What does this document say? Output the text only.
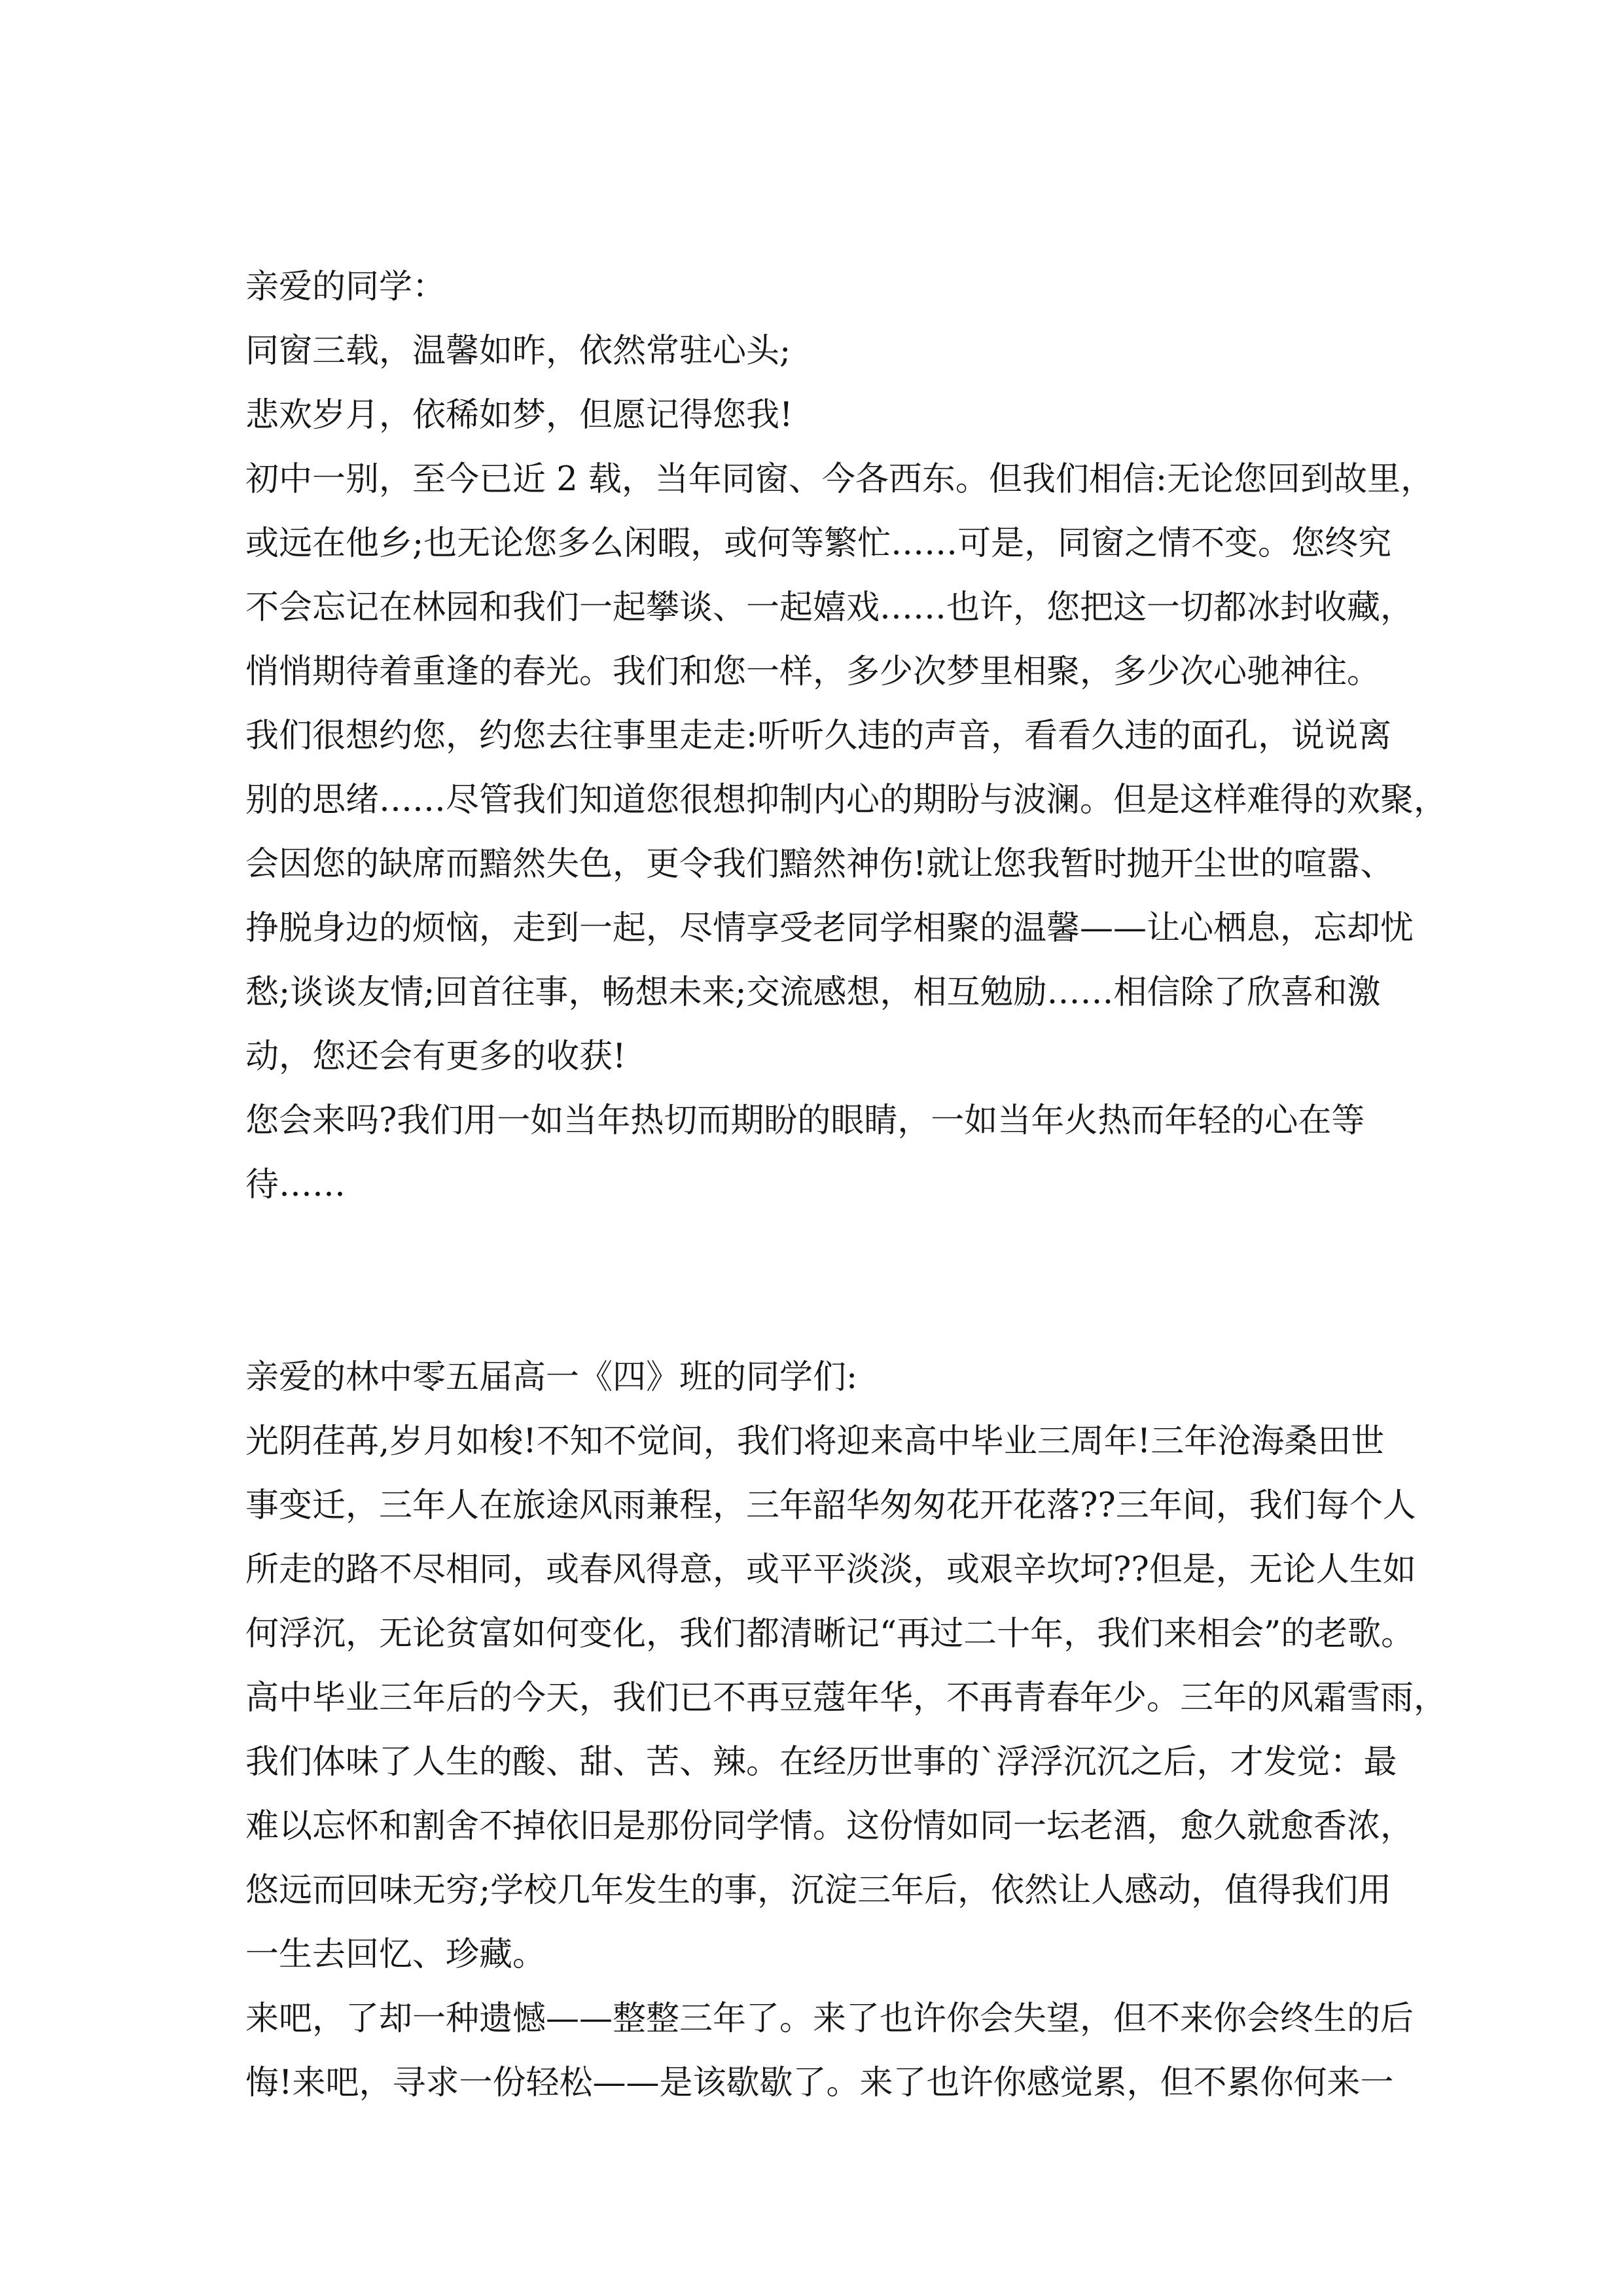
亲爱的同学：
同窗三载，温馨如昨，依然常驻心头;
悲欢岁月，依稀如梦，但愿记得您我!
初中一别，至今已近 2 载，当年同窗、今各西东。但我们相信:无论您回到故里，
或远在他乡;也无论您多么闲暇，或何等繁忙……可是，同窗之情不变。您终究
不会忘记在林园和我们一起攀谈、一起嬉戏……也许，您把这一切都冰封收藏，
悄悄期待着重逢的春光。我们和您一样，多少次梦里相聚，多少次心驰神往。
我们很想约您，约您去往事里走走:听听久违的声音，看看久违的面孔，说说离
别的思绪……尽管我们知道您很想抑制内心的期盼与波澜。但是这样难得的欢聚，
会因您的缺席而黯然失色，更令我们黯然神伤!就让您我暂时抛开尘世的喧嚣、
挣脱身边的烦恼，走到一起，尽情享受老同学相聚的温馨——让心栖息，忘却忧
愁;谈谈友情;回首往事，畅想未来;交流感想，相互勉励……相信除了欣喜和激
动，您还会有更多的收获!
您会来吗?我们用一如当年热切而期盼的眼睛，一如当年火热而年轻的心在等
待……
亲爱的林中零五届高一《四》班的同学们:
光阴荏苒,岁月如梭!不知不觉间，我们将迎来高中毕业三周年!三年沧海桑田世
事变迁，三年人在旅途风雨兼程，三年韶华匆匆花开花落??三年间，我们每个人
所走的路不尽相同，或春风得意，或平平淡淡，或艰辛坎坷??但是，无论人生如
何浮沉，无论贫富如何变化，我们都清晰记“再过二十年，我们来相会”的老歌。
高中毕业三年后的今天，我们已不再豆蔻年华，不再青春年少。三年的风霜雪雨，
我们体味了人生的酸、甜、苦、辣。在经历世事的`浮浮沉沉之后，才发觉：最
难以忘怀和割舍不掉依旧是那份同学情。这份情如同一坛老酒，愈久就愈香浓，
悠远而回味无穷;学校几年发生的事，沉淀三年后，依然让人感动，值得我们用
一生去回忆、珍藏。
来吧，了却一种遗憾——整整三年了。来了也许你会失望，但不来你会终生的后
悔!来吧，寻求一份轻松——是该歇歇了。来了也许你感觉累，但不累你何来一
